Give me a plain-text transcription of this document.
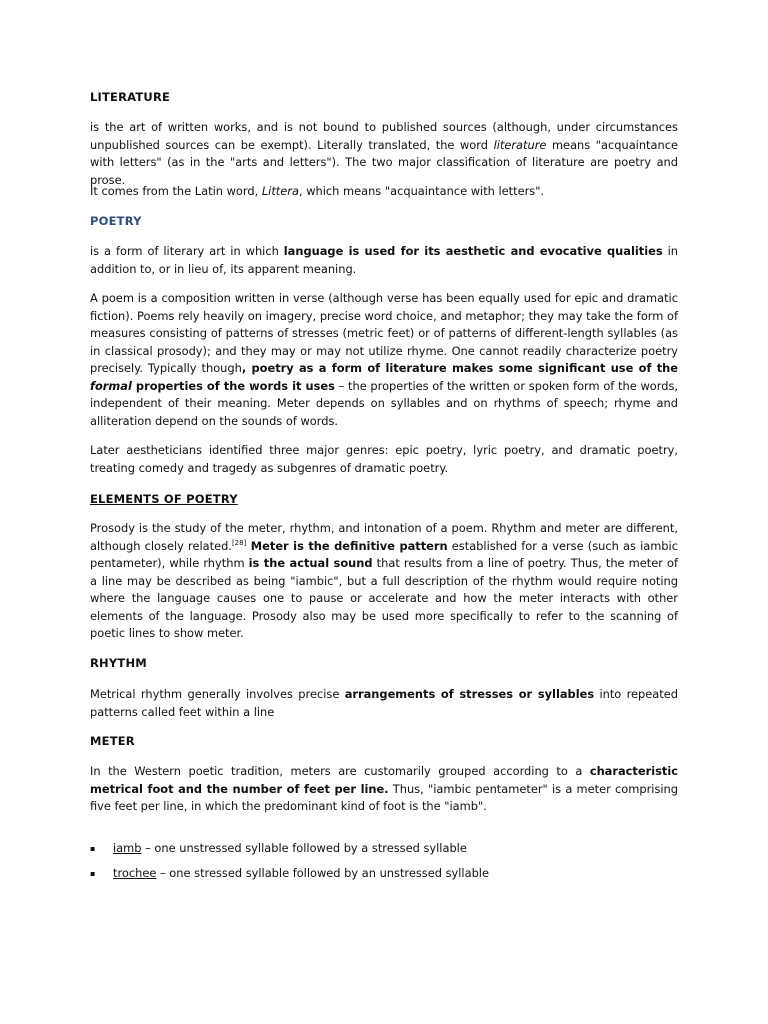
LITERATURE

is the art of written works, and is not bound to published sources (although, under circumstances unpublished sources can be exempt). Literally translated, the word literature means "acquaintance with letters" (as in the "arts and letters"). The two major classification of literature are poetry and prose.

It comes from the Latin word, Littera, which means "acquaintance with letters".

POETRY

is a form of literary art in which language is used for its aesthetic and evocative qualities in addition to, or in lieu of, its apparent meaning.

A poem is a composition written in verse (although verse has been equally used for epic and dramatic fiction). Poems rely heavily on imagery, precise word choice, and metaphor; they may take the form of measures consisting of patterns of stresses (metric feet) or of patterns of different-length syllables (as in classical prosody); and they may or may not utilize rhyme. One cannot readily characterize poetry precisely. Typically though, poetry as a form of literature makes some significant use of the formal properties of the words it uses – the properties of the written or spoken form of the words, independent of their meaning. Meter depends on syllables and on rhythms of speech; rhyme and alliteration depend on the sounds of words.

Later aestheticians identified three major genres: epic poetry, lyric poetry, and dramatic poetry, treating comedy and tragedy as subgenres of dramatic poetry.

ELEMENTS OF POETRY

Prosody is the study of the meter, rhythm, and intonation of a poem. Rhythm and meter are different, although closely related.[28] Meter is the definitive pattern established for a verse (such as iambic pentameter), while rhythm is the actual sound that results from a line of poetry. Thus, the meter of a line may be described as being "iambic", but a full description of the rhythm would require noting where the language causes one to pause or accelerate and how the meter interacts with other elements of the language. Prosody also may be used more specifically to refer to the scanning of poetic lines to show meter.

RHYTHM

Metrical rhythm generally involves precise arrangements of stresses or syllables into repeated patterns called feet within a line

METER

In the Western poetic tradition, meters are customarily grouped according to a characteristic metrical foot and the number of feet per line. Thus, "iambic pentameter" is a meter comprising five feet per line, in which the predominant kind of foot is the "iamb".

▪ iamb – one unstressed syllable followed by a stressed syllable
▪ trochee – one stressed syllable followed by an unstressed syllable
